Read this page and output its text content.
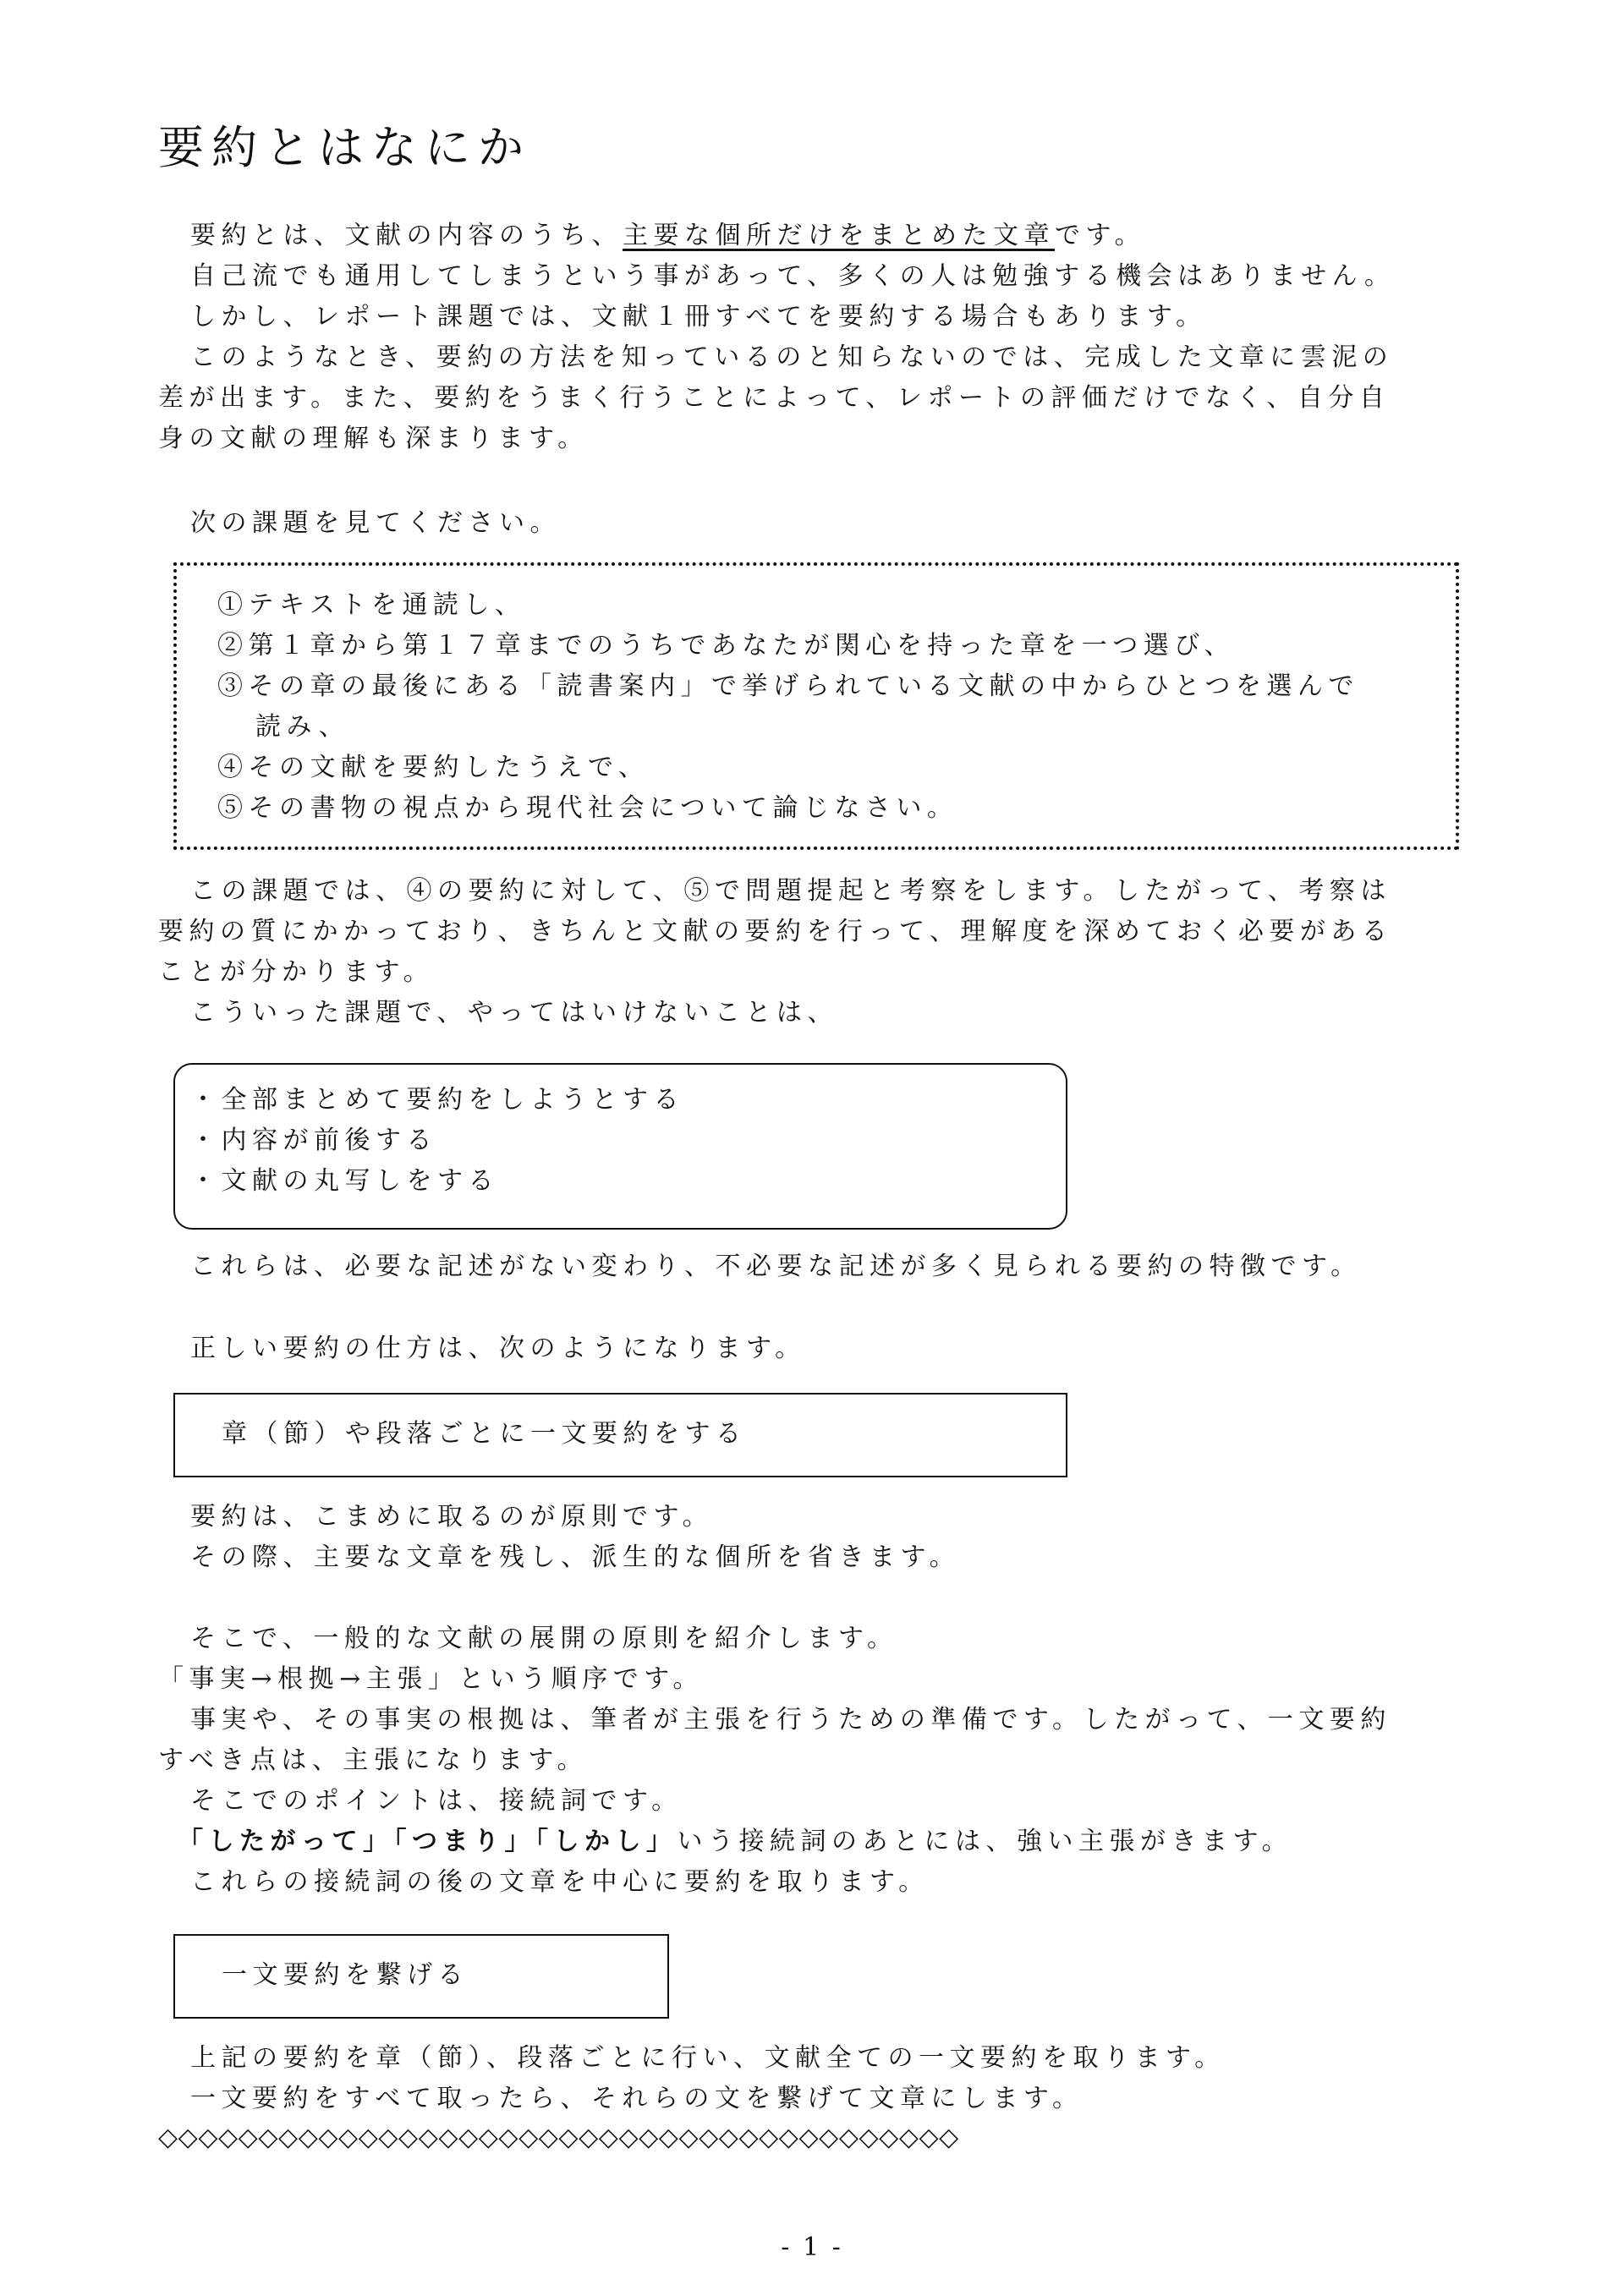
要約とはなにか

要約とは、文献の内容のうち、主要な個所だけをまとめた文章です。

自己流でも通用してしまうという事があって、多くの人は勉強する機会はありません。

しかし、レポート課題では、文献１冊すべてを要約する場合もあります。

このようなとき、要約の方法を知っているのと知らないのでは、完成した文章に雲泥の

差が出ます。また、要約をうまく行うことによって、レポートの評価だけでなく、自分自

身の文献の理解も深まります。

次の課題を見てください。

①テキストを通読し、

②第１章から第１７章までのうちであなたが関心を持った章を一つ選び、

③その章の最後にある「読書案内」で挙げられている文献の中からひとつを選んで

読み、

④その文献を要約したうえで、

⑤その書物の視点から現代社会について論じなさい。

この課題では、④の要約に対して、⑤で問題提起と考察をします。したがって、考察は

要約の質にかかっており、きちんと文献の要約を行って、理解度を深めておく必要がある

ことが分かります。

こういった課題で、やってはいけないことは、

・全部まとめて要約をしようとする

・内容が前後する

・文献の丸写しをする

これらは、必要な記述がない変わり、不必要な記述が多く見られる要約の特徴です。

正しい要約の仕方は、次のようになります。

章（節）や段落ごとに一文要約をする

要約は、こまめに取るのが原則です。

その際、主要な文章を残し、派生的な個所を省きます。

そこで、一般的な文献の展開の原則を紹介します。

「事実→根拠→主張」という順序です。

事実や、その事実の根拠は、筆者が主張を行うための準備です。したがって、一文要約

すべき点は、主張になります。

そこでのポイントは、接続詞です。

「したがって」「つまり」「しかし」いう接続詞のあとには、強い主張がきます。

これらの接続詞の後の文章を中心に要約を取ります。

一文要約を繋げる

上記の要約を章（節）、段落ごとに行い、文献全ての一文要約を取ります。

一文要約をすべて取ったら、それらの文を繋げて文章にします。

◇◇◇◇◇◇◇◇◇◇◇◇◇◇◇◇◇◇◇◇◇◇◇◇◇◇◇◇◇◇◇◇◇◇◇◇◇◇◇◇

- 1 -
